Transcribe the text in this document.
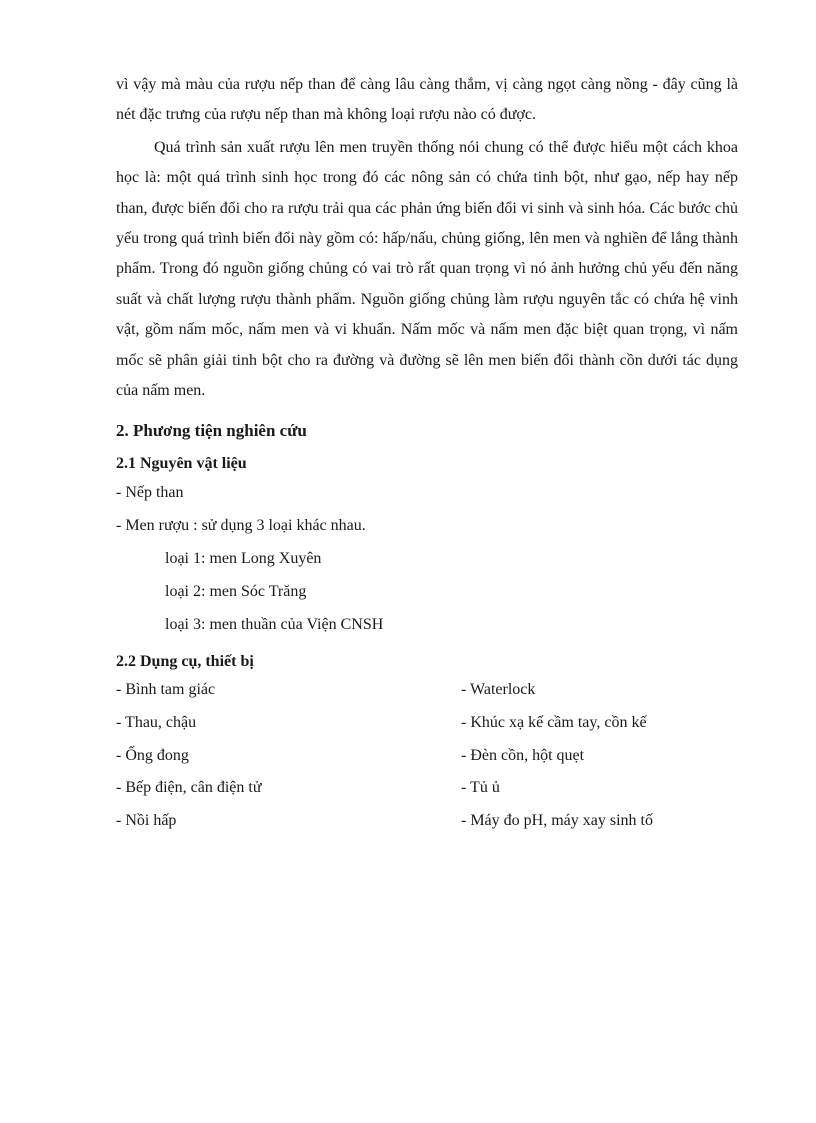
vì vậy mà màu của rượu nếp than để càng lâu càng thắm, vị càng ngọt càng nồng - đây cũng là nét đặc trưng của rượu nếp than mà không loại rượu nào có được.

Quá trình sản xuất rượu lên men truyền thống nói chung có thể được hiểu một cách khoa học là: một quá trình sinh học trong đó các nông sản có chứa tinh bột, như gạo, nếp hay nếp than, được biến đổi cho ra rượu trải qua các phản ứng biến đổi vi sinh và sinh hóa. Các bước chủ yếu trong quá trình biến đổi này gồm có: hấp/nấu, chủng giống, lên men và nghiền để lắng thành phẩm. Trong đó nguồn giống chủng có vai trò rất quan trọng vì nó ảnh hưởng chủ yếu đến năng suất và chất lượng rượu thành phẩm. Nguồn giống chủng làm rượu nguyên tắc có chứa hệ vinh vật, gồm nấm mốc, nấm men và vi khuẩn. Nấm mốc và nấm men đặc biệt quan trọng, vì nấm mốc sẽ phân giải tinh bột cho ra đường và đường sẽ lên men biến đổi thành cồn dưới tác dụng của nấm men.

2. Phương tiện nghiên cứu
2.1 Nguyên vật liệu

- Nếp than

- Men rượu : sử dụng 3 loại khác nhau.

loại 1: men Long Xuyên

loại 2: men Sóc Trăng

loại 3: men thuần của Viện CNSH

2.2 Dụng cụ, thiết bị
- Bình tam giác	- Waterlock
- Thau, chậu	- Khúc xạ kế cầm tay, cồn kế
- Ống đong	- Đèn cồn, hột quẹt
- Bếp điện, cân điện tử	- Tủ ủ
- Nồi hấp	- Máy đo pH, máy xay sinh tố
